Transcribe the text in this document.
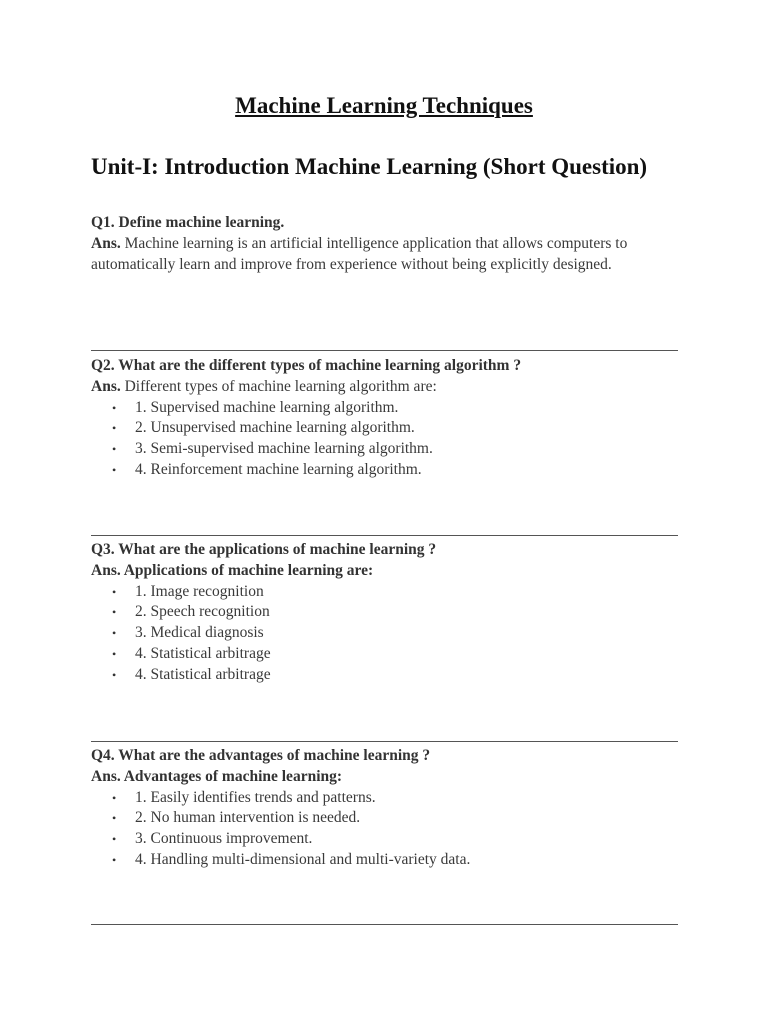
Machine Learning Techniques
Unit-I: Introduction Machine Learning (Short Question)
Q1. Define machine learning.
Ans. Machine learning is an artificial intelligence application that allows computers to automatically learn and improve from experience without being explicitly designed.
Q2. What are the different types of machine learning algorithm ?
Ans. Different types of machine learning algorithm are:
• 1. Supervised machine learning algorithm.
• 2. Unsupervised machine learning algorithm.
• 3. Semi-supervised machine learning algorithm.
• 4. Reinforcement machine learning algorithm.
Q3. What are the applications of machine learning ?
Ans. Applications of machine learning are:
• 1. Image recognition
• 2. Speech recognition
• 3. Medical diagnosis
• 4. Statistical arbitrage
• 4. Statistical arbitrage
Q4. What are the advantages of machine learning ?
Ans. Advantages of machine learning:
• 1. Easily identifies trends and patterns.
• 2. No human intervention is needed.
• 3. Continuous improvement.
• 4. Handling multi-dimensional and multi-variety data.
